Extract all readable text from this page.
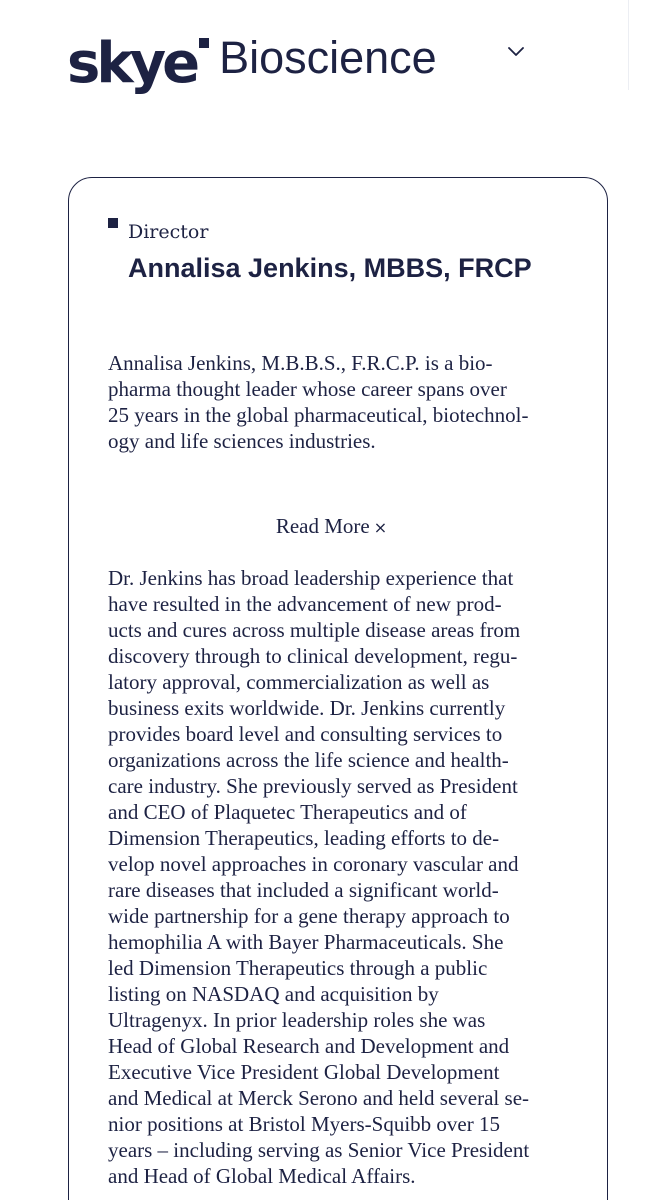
skye Bioscience
Director
Annalisa Jenkins, MBBS, FRCP

Annalisa Jenkins, M.B.B.S., F.R.C.P. is a bio-
pharma thought leader whose career spans over
25 years in the global pharmaceutical, biotechnol-
ogy and life sciences industries.

Read More ×

Dr. Jenkins has broad leadership experience that
have resulted in the advancement of new prod-
ucts and cures across multiple disease areas from
discovery through to clinical development, regu-
latory approval, commercialization as well as
business exits worldwide. Dr. Jenkins currently
provides board level and consulting services to
organizations across the life science and health-
care industry. She previously served as President
and CEO of Plaquetec Therapeutics and of
Dimension Therapeutics, leading efforts to de-
velop novel approaches in coronary vascular and
rare diseases that included a significant world-
wide partnership for a gene therapy approach to
hemophilia A with Bayer Pharmaceuticals. She
led Dimension Therapeutics through a public
listing on NASDAQ and acquisition by
Ultragenyx. In prior leadership roles she was
Head of Global Research and Development and
Executive Vice President Global Development
and Medical at Merck Serono and held several se-
nior positions at Bristol Myers-Squibb over 15
years – including serving as Senior Vice President
and Head of Global Medical Affairs.
